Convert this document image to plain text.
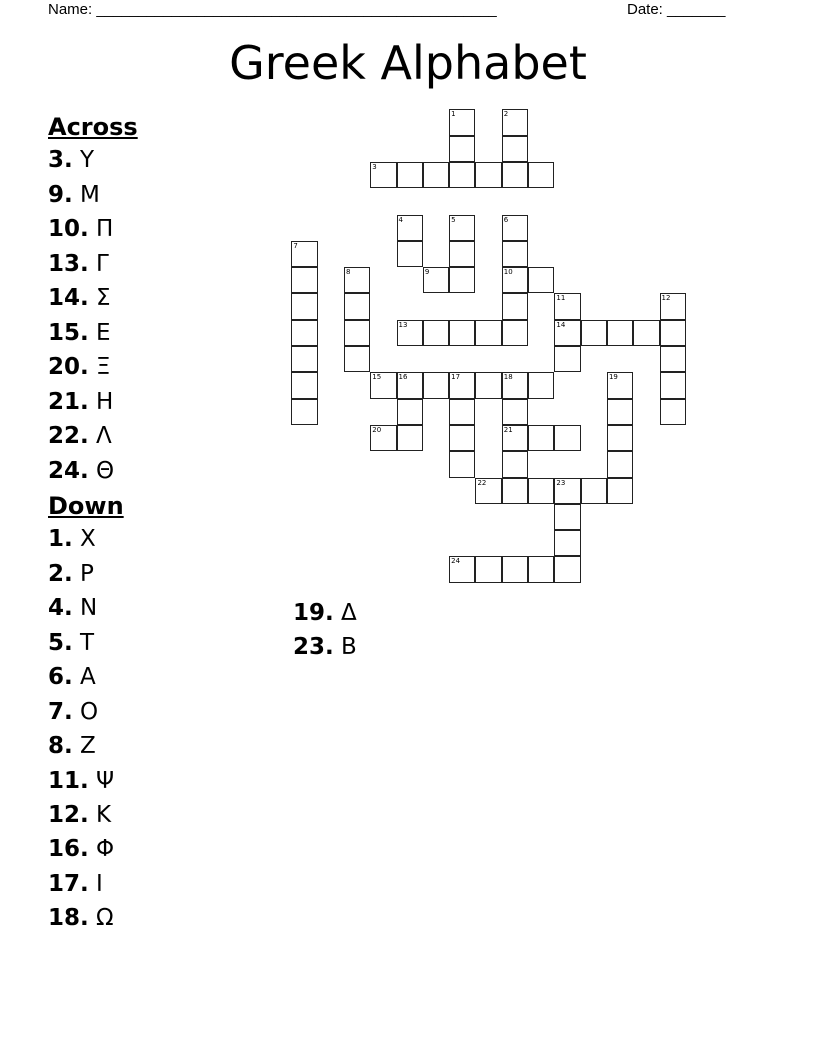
Name: ________________________________________________	Date: _______
Greek Alphabet
Across
Down
3. Υ
9. Μ
10. Π
13. Γ
14. Σ
15. Ε
20. Ξ
21. Η
22. Λ
24. Θ
1. Χ
2. Ρ
4. Ν
5. Τ
6. Α
7. Ο
8. Ζ
11. Ψ
12. Κ
16. Φ
17. Ι
18. Ω
19. Δ
23. Β
1	2
3
4	5	6
10
7
8	9
11
14
12
13
15 16	17	18
21
19
20
22	23
24
